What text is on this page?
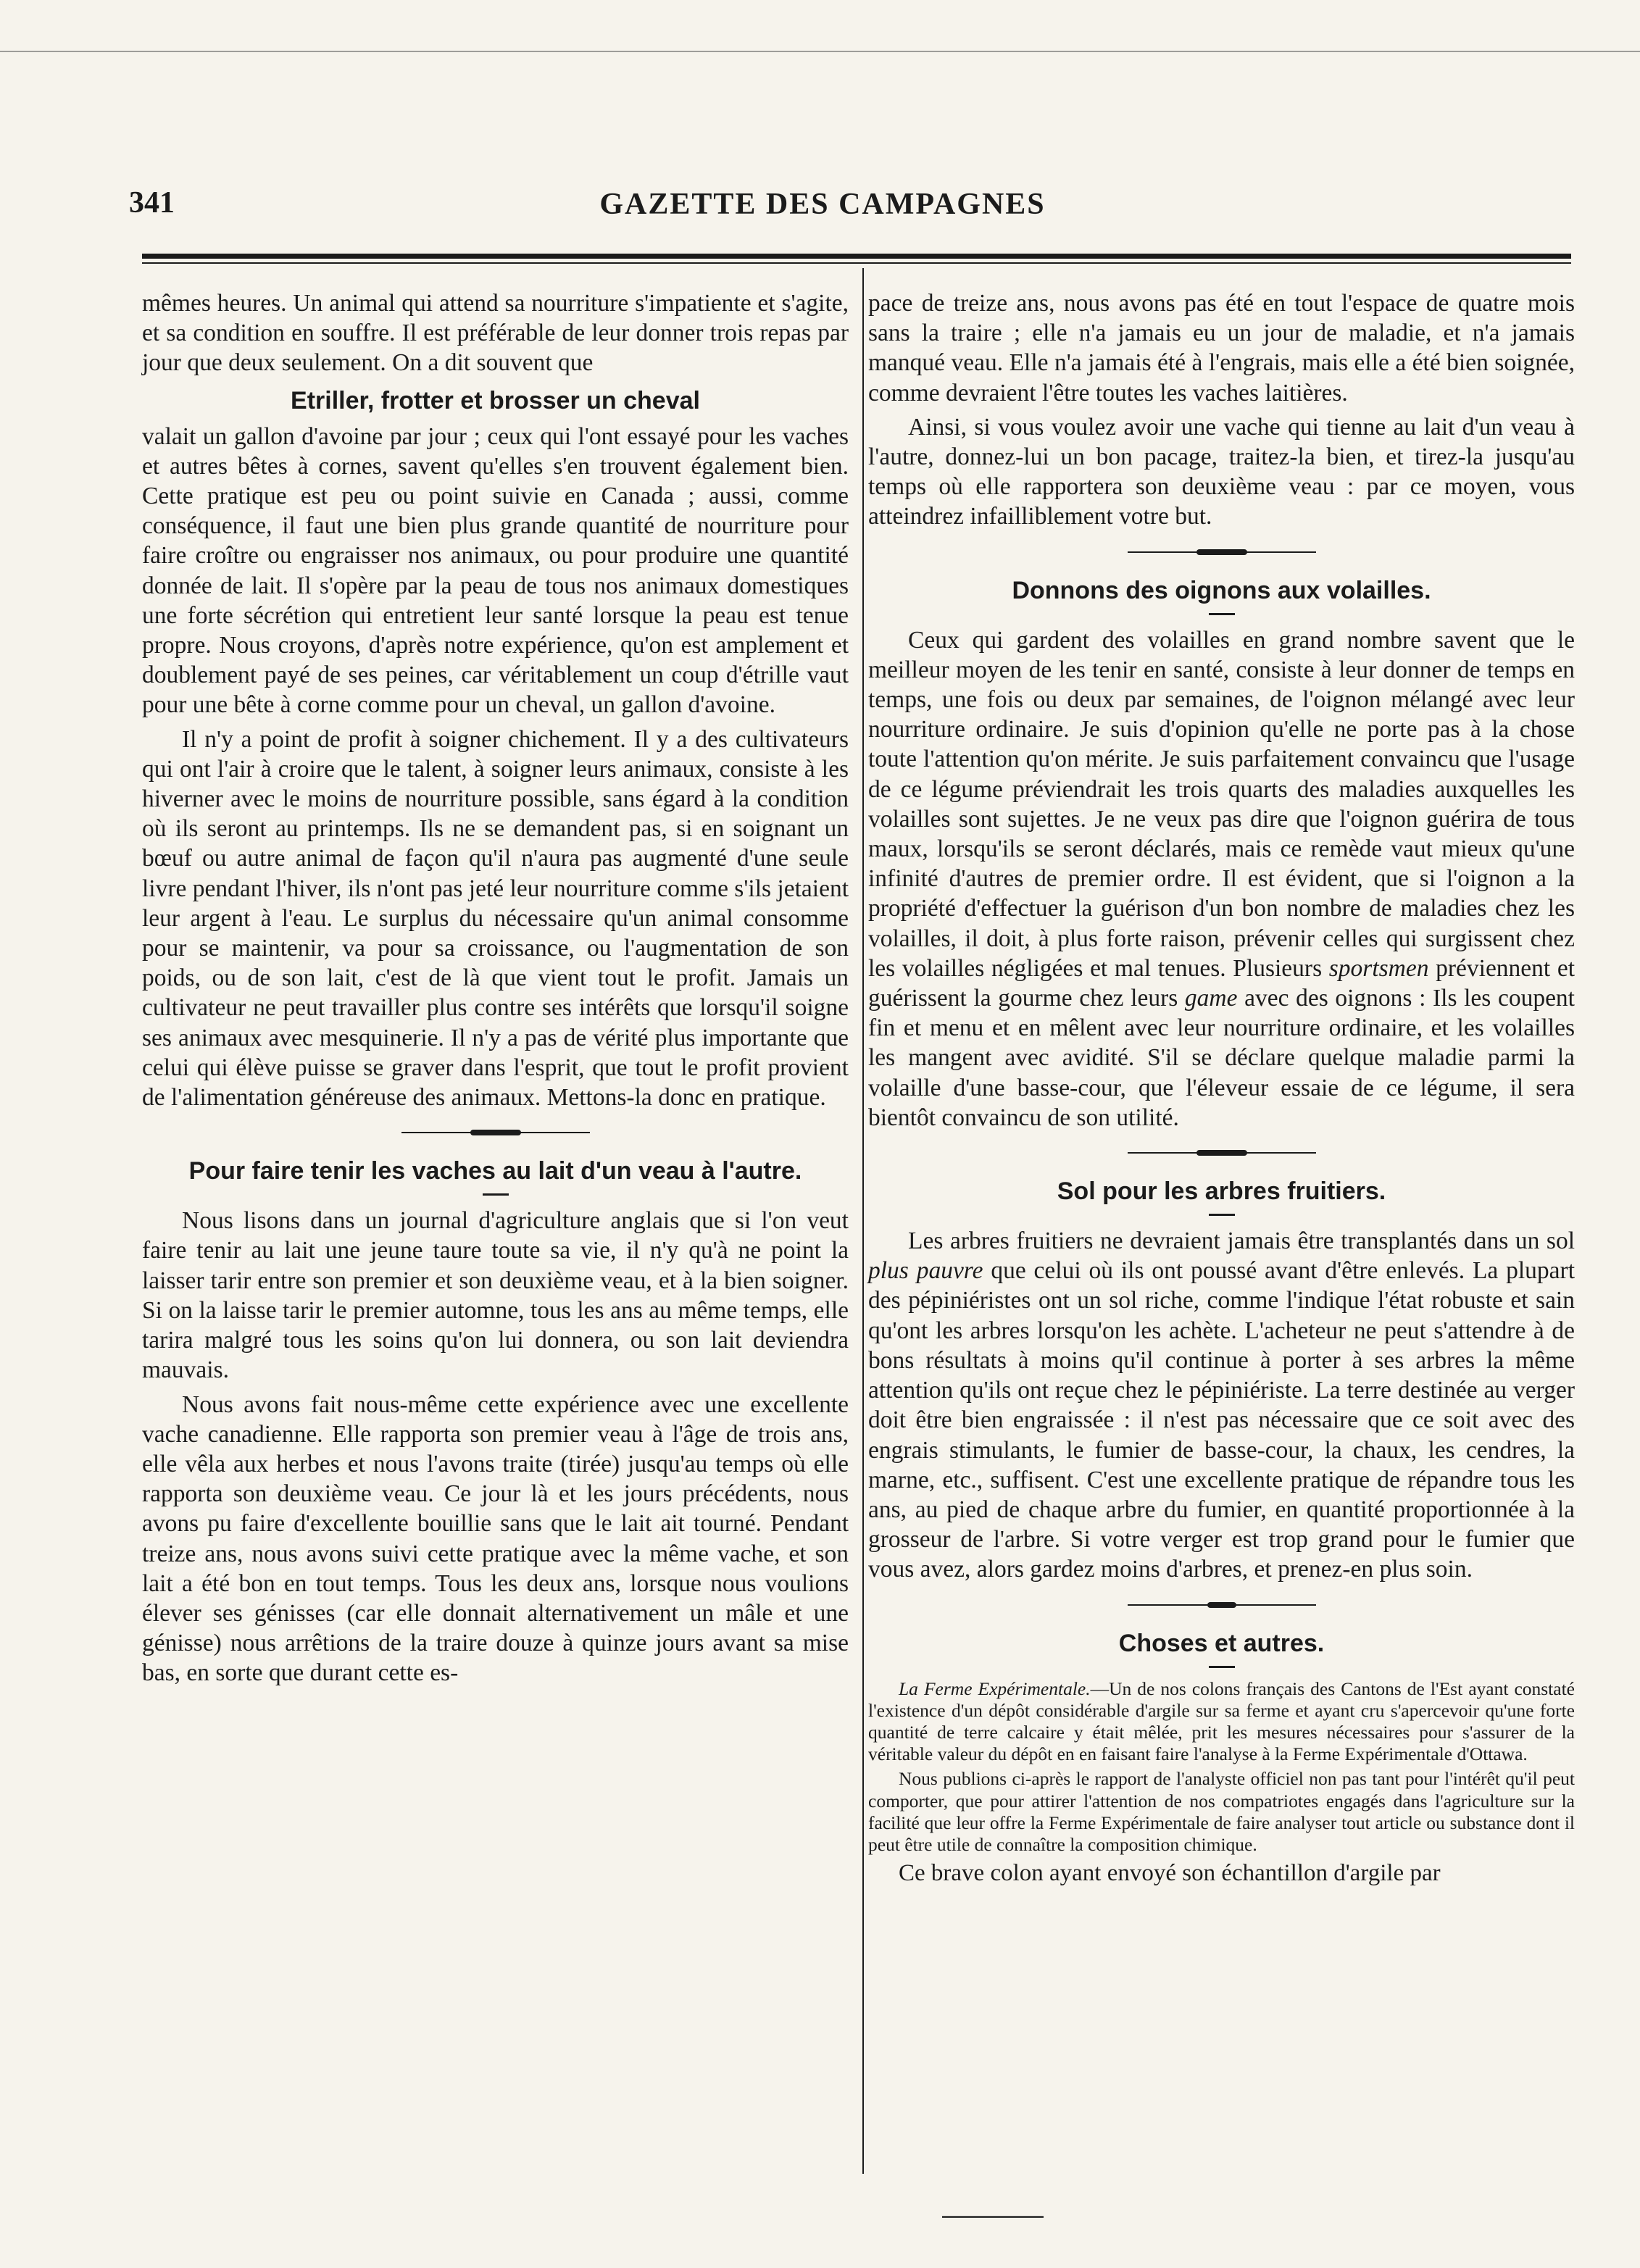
341	GAZETTE DES CAMPAGNES

mêmes heures. Un animal qui attend sa nourriture s'impatiente et s'agite, et sa condition en souffre. Il est préférable de leur donner trois repas par jour que deux seulement. On a dit souvent que

Etriller, frotter et brosser un cheval

valait un gallon d'avoine par jour ; ceux qui l'ont essayé pour les vaches et autres bêtes à cornes, savent qu'elles s'en trouvent également bien. Cette pratique est peu ou point suivie en Canada ; aussi, comme conséquence, il faut une bien plus grande quantité de nourriture pour faire croître ou engraisser nos animaux, ou pour produire une quantité donnée de lait. Il s'opère par la peau de tous nos animaux domestiques une forte sécrétion qui entretient leur santé lorsque la peau est tenue propre. Nous croyons, d'après notre expérience, qu'on est amplement et doublement payé de ses peines, car véritablement un coup d'étrille vaut pour une bête à corne comme pour un cheval, un gallon d'avoine.

Il n'y a point de profit à soigner chichement. Il y a des cultivateurs qui ont l'air à croire que le talent, à soigner leurs animaux, consiste à les hiverner avec le moins de nourriture possible, sans égard à la condition où ils seront au printemps. Ils ne se demandent pas, si en soignant un bœuf ou autre animal de façon qu'il n'aura pas augmenté d'une seule livre pendant l'hiver, ils n'ont pas jeté leur nourriture comme s'ils jetaient leur argent à l'eau. Le surplus du nécessaire qu'un animal consomme pour se maintenir, va pour sa croissance, ou l'augmentation de son poids, ou de son lait, c'est de là que vient tout le profit. Jamais un cultivateur ne peut travailler plus contre ses intérêts que lorsqu'il soigne ses animaux avec mesquinerie. Il n'y a pas de vérité plus importante que celui qui élève puisse se graver dans l'esprit, que tout le profit provient de l'alimentation généreuse des animaux. Mettons-la donc en pratique.

Pour faire tenir les vaches au lait d'un veau à l'autre.

Nous lisons dans un journal d'agriculture anglais que si l'on veut faire tenir au lait une jeune taure toute sa vie, il n'y qu'à ne point la laisser tarir entre son premier et son deuxième veau, et à la bien soigner. Si on la laisse tarir le premier automne, tous les ans au même temps, elle tarira malgré tous les soins qu'on lui donnera, ou son lait deviendra mauvais.

Nous avons fait nous-même cette expérience avec une excellente vache canadienne. Elle rapporta son premier veau à l'âge de trois ans, elle vêla aux herbes et nous l'avons traite (tirée) jusqu'au temps où elle rapporta son deuxième veau. Ce jour là et les jours précédents, nous avons pu faire d'excellente bouillie sans que le lait ait tourné. Pendant treize ans, nous avons suivi cette pratique avec la même vache, et son lait a été bon en tout temps. Tous les deux ans, lorsque nous voulions élever ses génisses (car elle donnait alternativement un mâle et une génisse) nous arrêtions de la traire douze à quinze jours avant sa mise bas, en sorte que durant cette es-

pace de treize ans, nous avons pas été en tout l'espace de quatre mois sans la traire ; elle n'a jamais eu un jour de maladie, et n'a jamais manqué veau. Elle n'a jamais été à l'engrais, mais elle a été bien soignée, comme devraient l'être toutes les vaches laitières.

Ainsi, si vous voulez avoir une vache qui tienne au lait d'un veau à l'autre, donnez-lui un bon pacage, traitez-la bien, et tirez-la jusqu'au temps où elle rapportera son deuxième veau : par ce moyen, vous atteindrez infailliblement votre but.

Donnons des oignons aux volailles.

Ceux qui gardent des volailles en grand nombre savent que le meilleur moyen de les tenir en santé, consiste à leur donner de temps en temps, une fois ou deux par semaines, de l'oignon mélangé avec leur nourriture ordinaire. Je suis d'opinion qu'elle ne porte pas à la chose toute l'attention qu'on mérite. Je suis parfaitement convaincu que l'usage de ce légume préviendrait les trois quarts des maladies auxquelles les volailles sont sujettes. Je ne veux pas dire que l'oignon guérira de tous maux, lorsqu'ils se seront déclarés, mais ce remède vaut mieux qu'une infinité d'autres de premier ordre. Il est évident, que si l'oignon a la propriété d'effectuer la guérison d'un bon nombre de maladies chez les volailles, il doit, à plus forte raison, prévenir celles qui surgissent chez les volailles négligées et mal tenues. Plusieurs sportsmen préviennent et guérissent la gourme chez leurs game avec des oignons : Ils les coupent fin et menu et en mêlent avec leur nourriture ordinaire, et les volailles les mangent avec avidité. S'il se déclare quelque maladie parmi la volaille d'une basse-cour, que l'éleveur essaie de ce légume, il sera bientôt convaincu de son utilité.

Sol pour les arbres fruitiers.

Les arbres fruitiers ne devraient jamais être transplantés dans un sol plus pauvre que celui où ils ont poussé avant d'être enlevés. La plupart des pépiniéristes ont un sol riche, comme l'indique l'état robuste et sain qu'ont les arbres lorsqu'on les achète. L'acheteur ne peut s'attendre à de bons résultats à moins qu'il continue à porter à ses arbres la même attention qu'ils ont reçue chez le pépiniériste. La terre destinée au verger doit être bien engraissée : il n'est pas nécessaire que ce soit avec des engrais stimulants, le fumier de basse-cour, la chaux, les cendres, la marne, etc., suffisent. C'est une excellente pratique de répandre tous les ans, au pied de chaque arbre du fumier, en quantité proportionnée à la grosseur de l'arbre. Si votre verger est trop grand pour le fumier que vous avez, alors gardez moins d'arbres, et prenez-en plus soin.

Choses et autres.

La Ferme Expérimentale.—Un de nos colons français des Cantons de l'Est ayant constaté l'existence d'un dépôt considérable d'argile sur sa ferme et ayant cru s'apercevoir qu'une forte quantité de terre calcaire y était mêlée, prit les mesures nécessaires pour s'assurer de la véritable valeur du dépôt en en faisant faire l'analyse à la Ferme Expérimentale d'Ottawa.

Nous publions ci-après le rapport de l'analyste officiel non pas tant pour l'intérêt qu'il peut comporter, que pour attirer l'attention de nos compatriotes engagés dans l'agriculture sur la facilité que leur offre la Ferme Expérimentale de faire analyser tout article ou substance dont il peut être utile de connaître la composition chimique.

Ce brave colon ayant envoyé son échantillon d'argile par
